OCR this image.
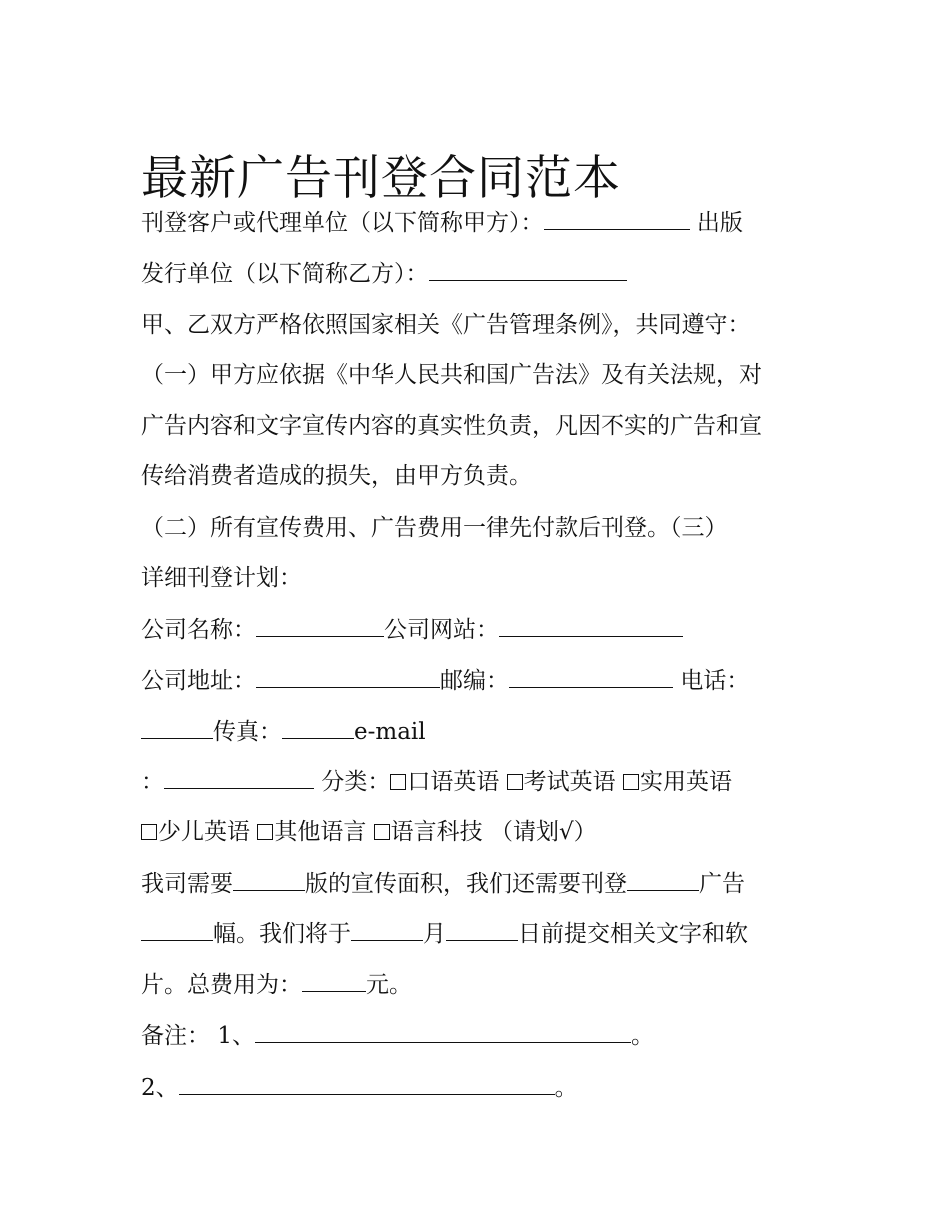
最新广告刊登合同范本
刊登客户或代理单位（以下简称甲方）：	出版
发行单位（以下简称乙方）：
甲、乙双方严格依照国家相关《广告管理条例》，共同遵守：
（一）甲方应依据《中华人民共和国广告法》及有关法规，对
广告内容和文字宣传内容的真实性负责，凡因不实的广告和宣
传给消费者造成的损失，由甲方负责。
（二）所有宣传费用、广告费用一律先付款后刊登。（三）
详细刊登计划：
公司名称：	公司网站：
公司地址：	邮编：	电话：
传真：	e-mail
：	分类： 口语英语 考试英语 实用英语
少儿英语 其他语言 语言科技 （请划√）
我司需要	版的宣传面积，我们还需要刊登	广告
幅。我们将于	月	日前提交相关文字和软
片。总费用为：	元。
备注： 1、	。
2、	。
